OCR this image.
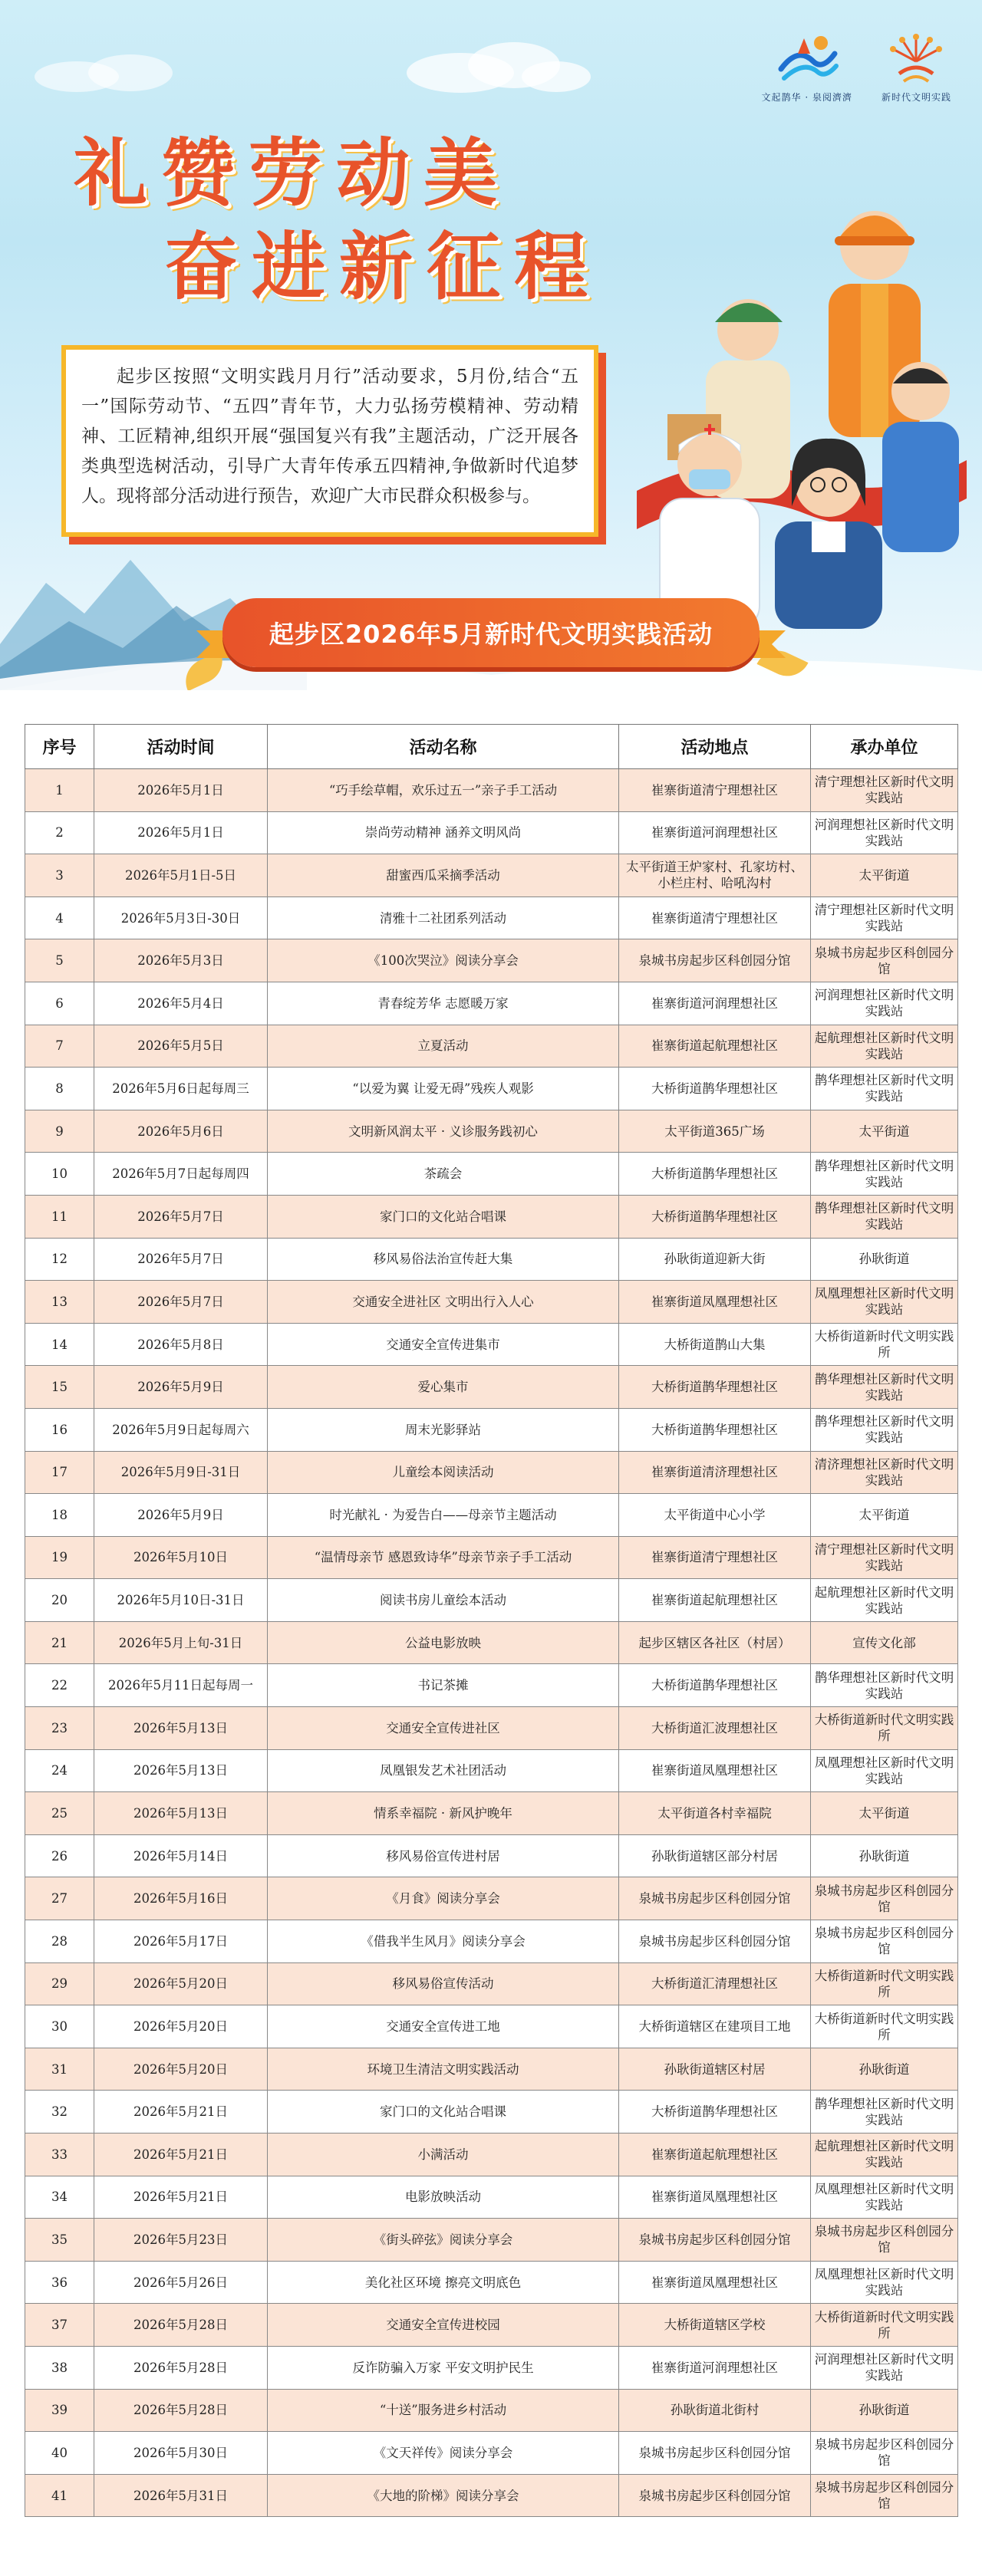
文起鹊华 · 泉阅濟濟	新时代文明实践
礼赞劳动美
奋进新征程

起步区按照“文明实践月月行”活动要求，5月份,结合“五一”国际劳动节、“五四”青年节，大力弘扬劳模精神、劳动精神、工匠精神,组织开展“强国复兴有我”主题活动，广泛开展各类典型选树活动，引导广大青年传承五四精神,争做新时代追梦人。现将部分活动进行预告，欢迎广大市民群众积极参与。

起步区2026年5月新时代文明实践活动
序号	活动时间	活动名称	活动地点	承办单位
1	2026年5月1日	“巧手绘草帽，欢乐过五一”亲子手工活动	崔寨街道清宁理想社区	清宁理想社区新时代文明实践站
2	2026年5月1日	崇尚劳动精神 涵养文明风尚	崔寨街道河润理想社区	河润理想社区新时代文明实践站
3	2026年5月1日-5日	甜蜜西瓜采摘季活动	太平街道王炉家村、孔家坊村、小栏庄村、哈吼沟村	太平街道
4	2026年5月3日-30日	清雅十二社团系列活动	崔寨街道清宁理想社区	清宁理想社区新时代文明实践站
5	2026年5月3日	《100次哭泣》阅读分享会	泉城书房起步区科创园分馆	泉城书房起步区科创园分馆
6	2026年5月4日	青春绽芳华 志愿暖万家	崔寨街道河润理想社区	河润理想社区新时代文明实践站
7	2026年5月5日	立夏活动	崔寨街道起航理想社区	起航理想社区新时代文明实践站
8	2026年5月6日起每周三	“以爱为翼 让爱无碍”残疾人观影	大桥街道鹊华理想社区	鹊华理想社区新时代文明实践站
9	2026年5月6日	文明新风润太平 · 义诊服务践初心	太平街道365广场	太平街道
10	2026年5月7日起每周四	茶疏会	大桥街道鹊华理想社区	鹊华理想社区新时代文明实践站
11	2026年5月7日	家门口的文化站合唱课	大桥街道鹊华理想社区	鹊华理想社区新时代文明实践站
12	2026年5月7日	移风易俗法治宣传赶大集	孙耿街道迎新大街	孙耿街道
13	2026年5月7日	交通安全进社区 文明出行入人心	崔寨街道凤凰理想社区	凤凰理想社区新时代文明实践站
14	2026年5月8日	交通安全宣传进集市	大桥街道鹊山大集	大桥街道新时代文明实践所
15	2026年5月9日	爱心集市	大桥街道鹊华理想社区	鹊华理想社区新时代文明实践站
16	2026年5月9日起每周六	周末光影驿站	大桥街道鹊华理想社区	鹊华理想社区新时代文明实践站
17	2026年5月9日-31日	儿童绘本阅读活动	崔寨街道清济理想社区	清济理想社区新时代文明实践站
18	2026年5月9日	时光献礼 · 为爱告白——母亲节主题活动	太平街道中心小学	太平街道
19	2026年5月10日	“温情母亲节 感恩致诗华”母亲节亲子手工活动	崔寨街道清宁理想社区	清宁理想社区新时代文明实践站
20	2026年5月10日-31日	阅读书房儿童绘本活动	崔寨街道起航理想社区	起航理想社区新时代文明实践站
21	2026年5月上旬-31日	公益电影放映	起步区辖区各社区（村居）	宣传文化部
22	2026年5月11日起每周一	书记茶摊	大桥街道鹊华理想社区	鹊华理想社区新时代文明实践站
23	2026年5月13日	交通安全宣传进社区	大桥街道汇波理想社区	大桥街道新时代文明实践所
24	2026年5月13日	凤凰银发艺术社团活动	崔寨街道凤凰理想社区	凤凰理想社区新时代文明实践站
25	2026年5月13日	情系幸福院 · 新风护晚年	太平街道各村幸福院	太平街道
26	2026年5月14日	移风易俗宣传进村居	孙耿街道辖区部分村居	孙耿街道
27	2026年5月16日	《月食》阅读分享会	泉城书房起步区科创园分馆	泉城书房起步区科创园分馆
28	2026年5月17日	《借我半生风月》阅读分享会	泉城书房起步区科创园分馆	泉城书房起步区科创园分馆
29	2026年5月20日	移风易俗宣传活动	大桥街道汇清理想社区	大桥街道新时代文明实践所
30	2026年5月20日	交通安全宣传进工地	大桥街道辖区在建项目工地	大桥街道新时代文明实践所
31	2026年5月20日	环境卫生清洁文明实践活动	孙耿街道辖区村居	孙耿街道
32	2026年5月21日	家门口的文化站合唱课	大桥街道鹊华理想社区	鹊华理想社区新时代文明实践站
33	2026年5月21日	小满活动	崔寨街道起航理想社区	起航理想社区新时代文明实践站
34	2026年5月21日	电影放映活动	崔寨街道凤凰理想社区	凤凰理想社区新时代文明实践站
35	2026年5月23日	《街头碎弦》阅读分享会	泉城书房起步区科创园分馆	泉城书房起步区科创园分馆
36	2026年5月26日	美化社区环境 擦亮文明底色	崔寨街道凤凰理想社区	凤凰理想社区新时代文明实践站
37	2026年5月28日	交通安全宣传进校园	大桥街道辖区学校	大桥街道新时代文明实践所
38	2026年5月28日	反诈防骗入万家 平安文明护民生	崔寨街道河润理想社区	河润理想社区新时代文明实践站
39	2026年5月28日	“十送”服务进乡村活动	孙耿街道北街村	孙耿街道
40	2026年5月30日	《文天祥传》阅读分享会	泉城书房起步区科创园分馆	泉城书房起步区科创园分馆
41	2026年5月31日	《大地的阶梯》阅读分享会	泉城书房起步区科创园分馆	泉城书房起步区科创园分馆
